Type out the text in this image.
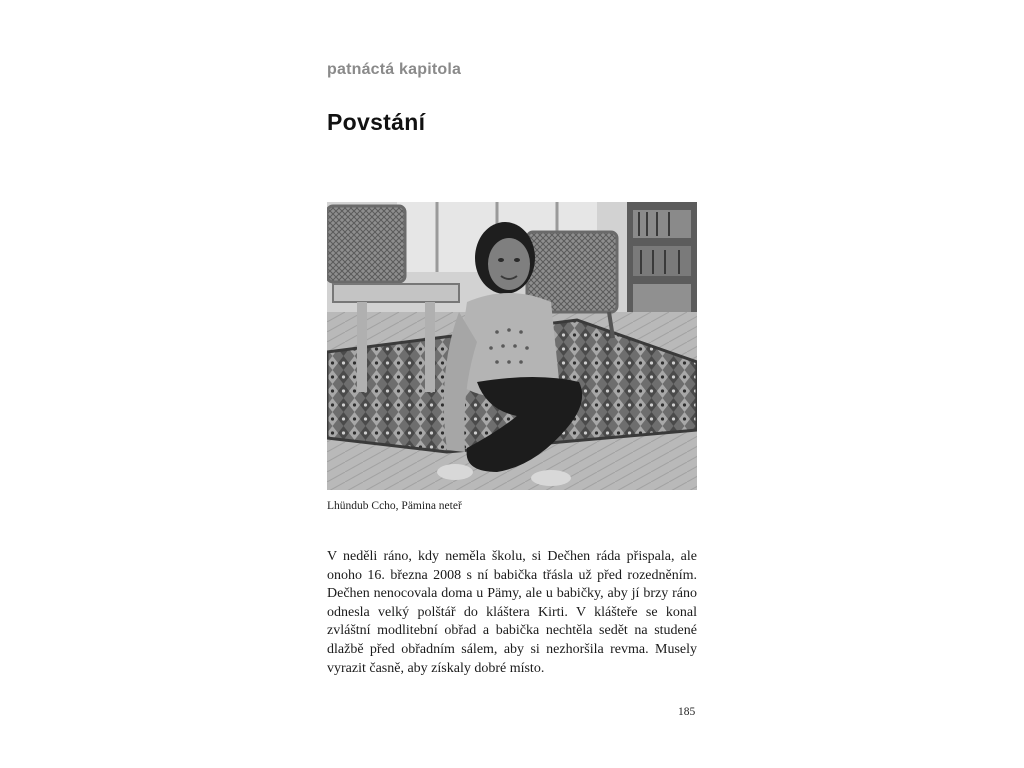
patnáctá kapitola
Povstání
Lhündub Ccho, Pämina neteř

V neděli ráno, kdy neměla školu, si Dečhen ráda přispala, ale onoho 16. března 2008 s ní babička třásla už před rozedněním. Dečhen nenocovala doma u Pämy, ale u babičky, aby jí brzy ráno odnesla velký polštář do kláštera Kirti. V klášteře se konal zvláštní modlitební obřad a babička nechtěla sedět na studené dlažbě před obřadním sálem, aby si nezhoršila revma. Musely vyrazit časně, aby získaly dobré místo.

185
